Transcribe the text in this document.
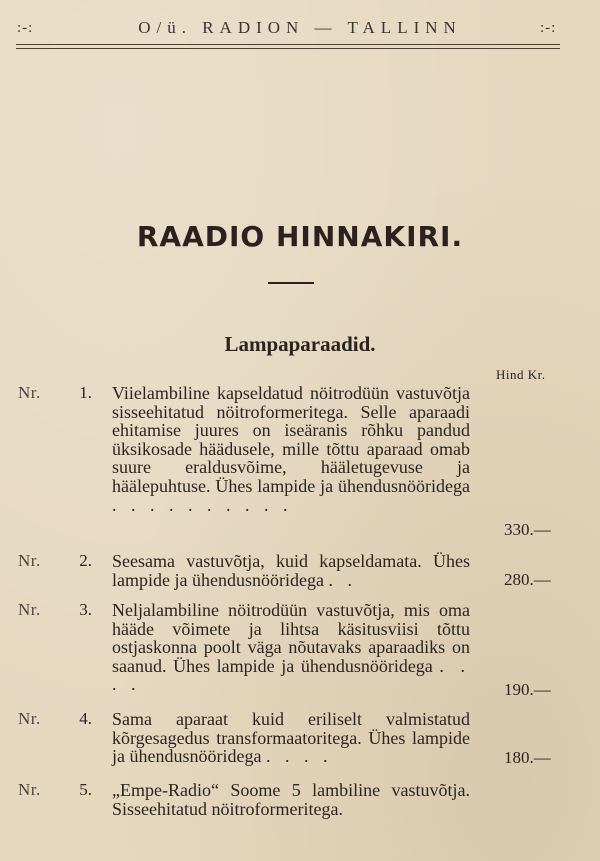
:-:	O/ü. RADION — TALLINN	:-:
RAADIO HINNAKIRI.
Lampaparaadid.
Hind Kr.
Nr.	1. Viielambiline kapseldatud nöitrodüün vastuvõtja sisseehitatud nöitroformeritega. Selle aparaadi ehitamise juures on iseäranis rõhku pandud üksikosade häädusele, mille tõttu aparaad omab suure eraldusvõime, hääletugevuse ja häälepuhtuse. Ühes lampide ja ühendusnööridega . . . . . . . . . .
330.—
Nr.	2. Seesama vastuvõtja, kuid kapseldamata. Ühes lampide ja ühendusnööridega . .	280.—
Nr.	3. Neljalambiline nöitrodüün vastuvõtja, mis oma hääde võimete ja lihtsa käsitusviisi tõttu ostjaskonna poolt väga nõutavaks aparaadiks on saanud. Ühes lampide ja ühendusnööridega . . . .	190.—
Nr.	4. Sama aparaat kuid eriliselt valmistatud kõrgesagedus transformaatoritega. Ühes lampide ja ühendusnööridega . . . .	180.—
Nr.	5. „Empe-Radio“ Soome 5 lambiline vastuvõtja. Sisseehitatud nöitroformeritega.
